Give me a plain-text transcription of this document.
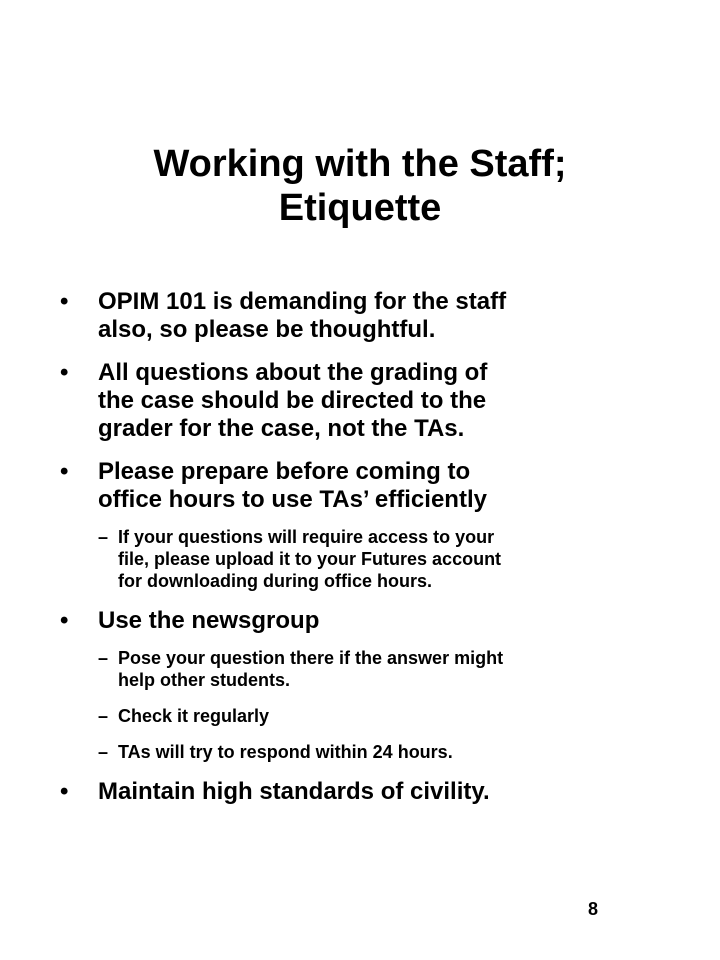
Working with the Staff;
Etiquette
• OPIM 101 is demanding for the staff
also, so please be thoughtful.
• All questions about the grading of
the case should be directed to the
grader for the case, not the TAs.
• Please prepare before coming to
office hours to use TAs’ efficiently
– If your questions will require access to your
file, please upload it to your Futures account
for downloading during office hours.
• Use the newsgroup
– Pose your question there if the answer might
help other students.
– Check it regularly
– TAs will try to respond within 24 hours.
• Maintain high standards of civility.
8
